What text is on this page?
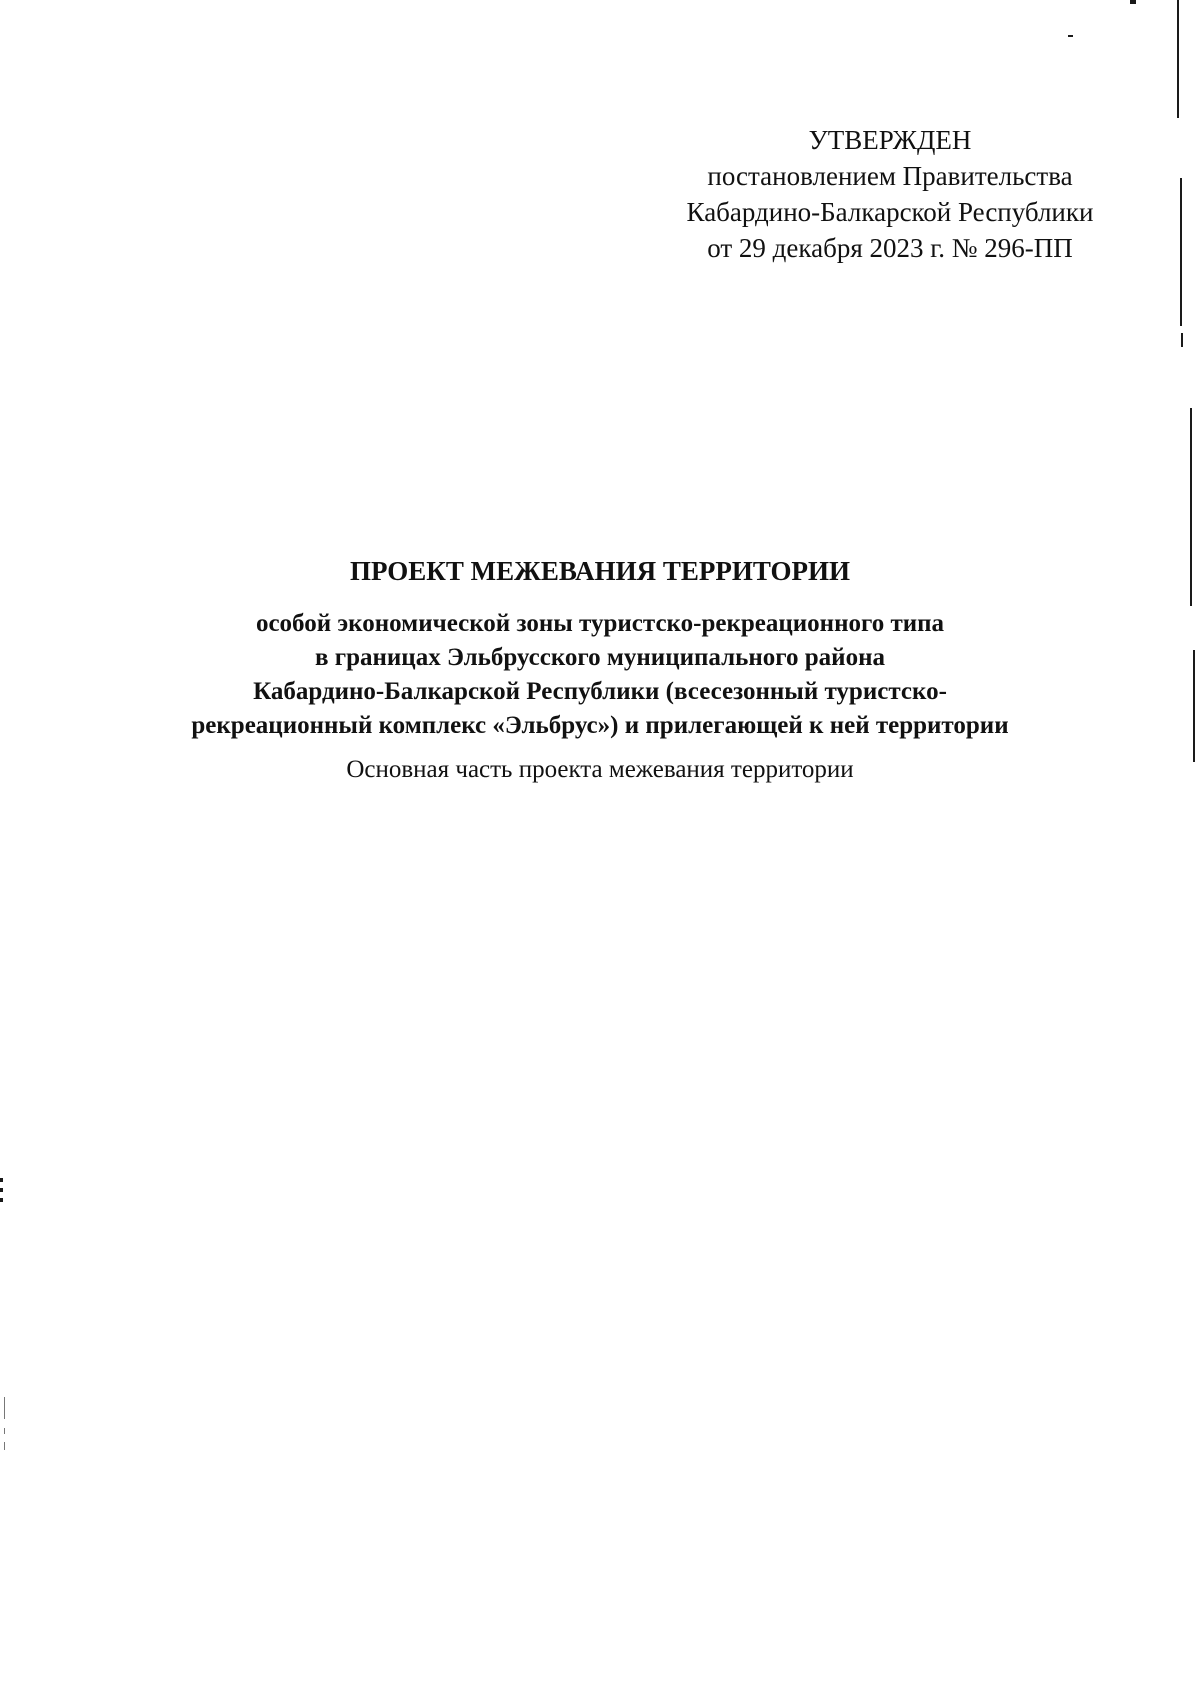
УТВЕРЖДЕН
постановлением Правительства
Кабардино-Балкарской Республики
от 29 декабря 2023 г. № 296-ПП
ПРОЕКТ МЕЖЕВАНИЯ ТЕРРИТОРИИ
особой экономической зоны туристско-рекреационного типа
в границах Эльбрусского муниципального района
Кабардино-Балкарской Республики (всесезонный туристско-
рекреационный комплекс «Эльбрус») и прилегающей к ней территории
Основная часть проекта межевания территории
